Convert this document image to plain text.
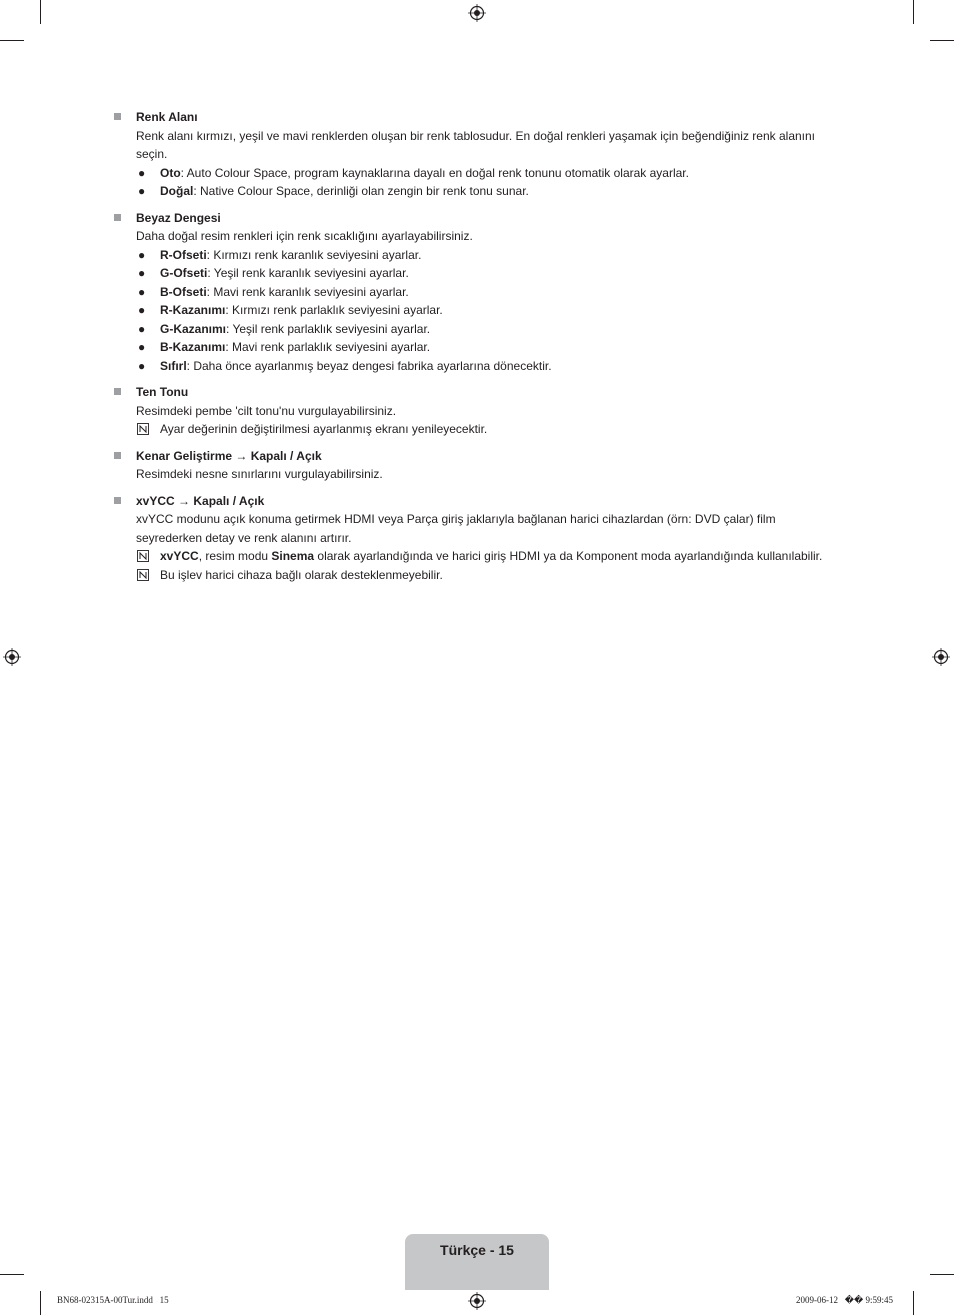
Renk Alanı
Renk alanı kırmızı, yeşil ve mavi renklerden oluşan bir renk tablosudur. En doğal renkleri yaşamak için beğendiğiniz renk alanını seçin.
● Oto: Auto Colour Space, program kaynaklarına dayalı en doğal renk tonunu otomatik olarak ayarlar.
● Doğal: Native Colour Space, derinliği olan zengin bir renk tonu sunar.
Beyaz Dengesi
Daha doğal resim renkleri için renk sıcaklığını ayarlayabilirsiniz.
● R-Ofseti: Kırmızı renk karanlık seviyesini ayarlar.
● G-Ofseti: Yeşil renk karanlık seviyesini ayarlar.
● B-Ofseti: Mavi renk karanlık seviyesini ayarlar.
● R-Kazanımı: Kırmızı renk parlaklık seviyesini ayarlar.
● G-Kazanımı: Yeşil renk parlaklık seviyesini ayarlar.
● B-Kazanımı: Mavi renk parlaklık seviyesini ayarlar.
● Sıfırl: Daha önce ayarlanmış beyaz dengesi fabrika ayarlarına dönecektir.
Ten Tonu
Resimdeki pembe 'cilt tonu'nu vurgulayabilirsiniz.
Ayar değerinin değiştirilmesi ayarlanmış ekranı yenileyecektir.
Kenar Geliştirme → Kapalı / Açık
Resimdeki nesne sınırlarını vurgulayabilirsiniz.
xvYCC → Kapalı / Açık
xvYCC modunu açık konuma getirmek HDMI veya Parça giriş jaklarıyla bağlanan harici cihazlardan (örn: DVD çalar) film seyrederken detay ve renk alanını artırır.
xvYCC, resim modu Sinema olarak ayarlandığında ve harici giriş HDMI ya da Komponent moda ayarlandığında kullanılabilir.
Bu işlev harici cihaza bağlı olarak desteklenmeyebilir.
Türkçe - 15
BN68-02315A-00Tur.indd   15	2009-06-12   �� 9:59:45
